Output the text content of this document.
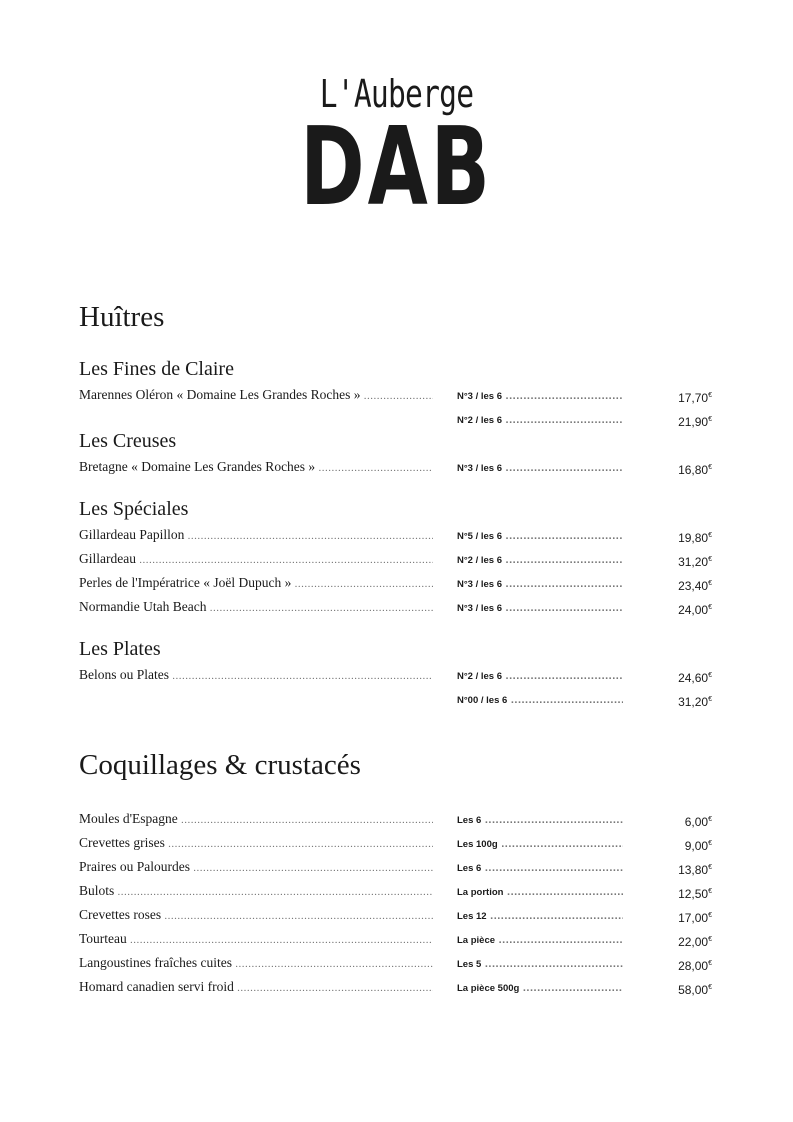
L'Auberge
DAB
Huîtres
Les Fines de Claire
Marennes Oléron « Domaine Les Grandes Roches » .....	N°3 / les 6 .....	17,70€
N°2 / les 6 .....	21,90€
Les Creuses
Bretagne « Domaine Les Grandes Roches » .....	N°3 / les 6 .....	16,80€
Les Spéciales
Gillardeau Papillon .....	N°5 / les 6 .....	19,80€
Gillardeau .....	N°2 / les 6 .....	31,20€
Perles de l'Impératrice « Joël Dupuch » .....	N°3 / les 6 .....	23,40€
Normandie Utah Beach .....	N°3 / les 6 .....	24,00€
Les Plates
Belons ou Plates .....	N°2 / les 6 .....	24,60€
N°00 / les 6 .....	31,20€
Coquillages & crustacés
Moules d'Espagne .....	Les 6 .....	6,00€
Crevettes grises .....	Les 100g .....	9,00€
Praires ou Palourdes .....	Les 6 .....	13,80€
Bulots .....	La portion .....	12,50€
Crevettes roses .....	Les 12 .....	17,00€
Tourteau .....	La pièce .....	22,00€
Langoustines fraîches cuites .....	Les 5 .....	28,00€
Homard canadien servi froid .....	La pièce 500g .....	58,00€
